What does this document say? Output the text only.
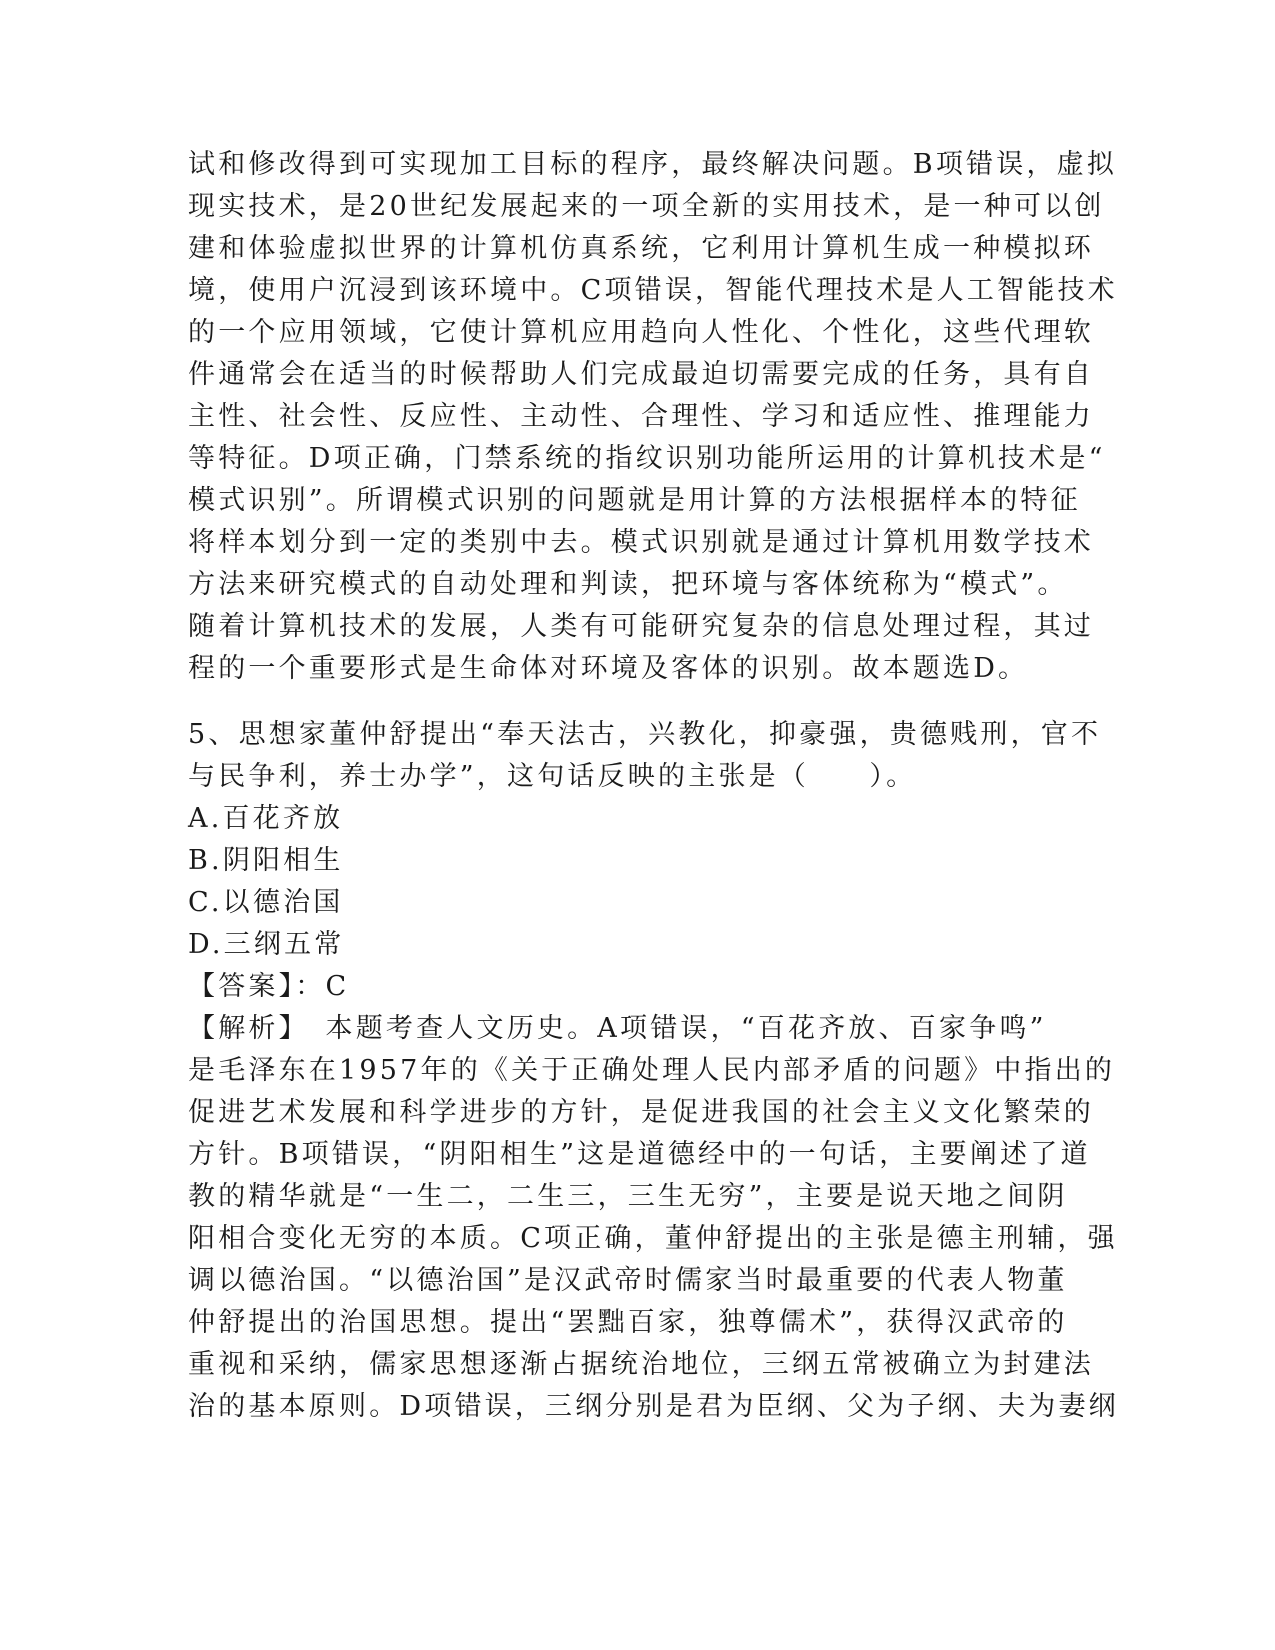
试和修改得到可实现加工目标的程序，最终解决问题。B项错误，虚拟
现实技术，是20世纪发展起来的一项全新的实用技术，是一种可以创
建和体验虚拟世界的计算机仿真系统，它利用计算机生成一种模拟环
境，使用户沉浸到该环境中。C项错误，智能代理技术是人工智能技术
的一个应用领域，它使计算机应用趋向人性化、个性化，这些代理软
件通常会在适当的时候帮助人们完成最迫切需要完成的任务，具有自
主性、社会性、反应性、主动性、合理性、学习和适应性、推理能力
等特征。D项正确，门禁系统的指纹识别功能所运用的计算机技术是“
模式识别”。所谓模式识别的问题就是用计算的方法根据样本的特征
将样本划分到一定的类别中去。模式识别就是通过计算机用数学技术
方法来研究模式的自动处理和判读，把环境与客体统称为“模式”。
随着计算机技术的发展，人类有可能研究复杂的信息处理过程，其过
程的一个重要形式是生命体对环境及客体的识别。故本题选D。
5、思想家董仲舒提出“奉天法古，兴教化，抑豪强，贵德贱刑，官不
与民争利，养士办学”，这句话反映的主张是（　　）。
A.百花齐放
B.阴阳相生
C.以德治国
D.三纲五常
【答案】：C
【解析】　本题考查人文历史。A项错误，“百花齐放、百家争鸣”
是毛泽东在1957年的《关于正确处理人民内部矛盾的问题》中指出的
促进艺术发展和科学进步的方针，是促进我国的社会主义文化繁荣的
方针。B项错误，“阴阳相生”这是道德经中的一句话，主要阐述了道
教的精华就是“一生二，二生三，三生无穷”，主要是说天地之间阴
阳相合变化无穷的本质。C项正确，董仲舒提出的主张是德主刑辅，强
调以德治国。“以德治国”是汉武帝时儒家当时最重要的代表人物董
仲舒提出的治国思想。提出“罢黜百家，独尊儒术”，获得汉武帝的
重视和采纳，儒家思想逐渐占据统治地位，三纲五常被确立为封建法
治的基本原则。D项错误，三纲分别是君为臣纲、父为子纲、夫为妻纲
